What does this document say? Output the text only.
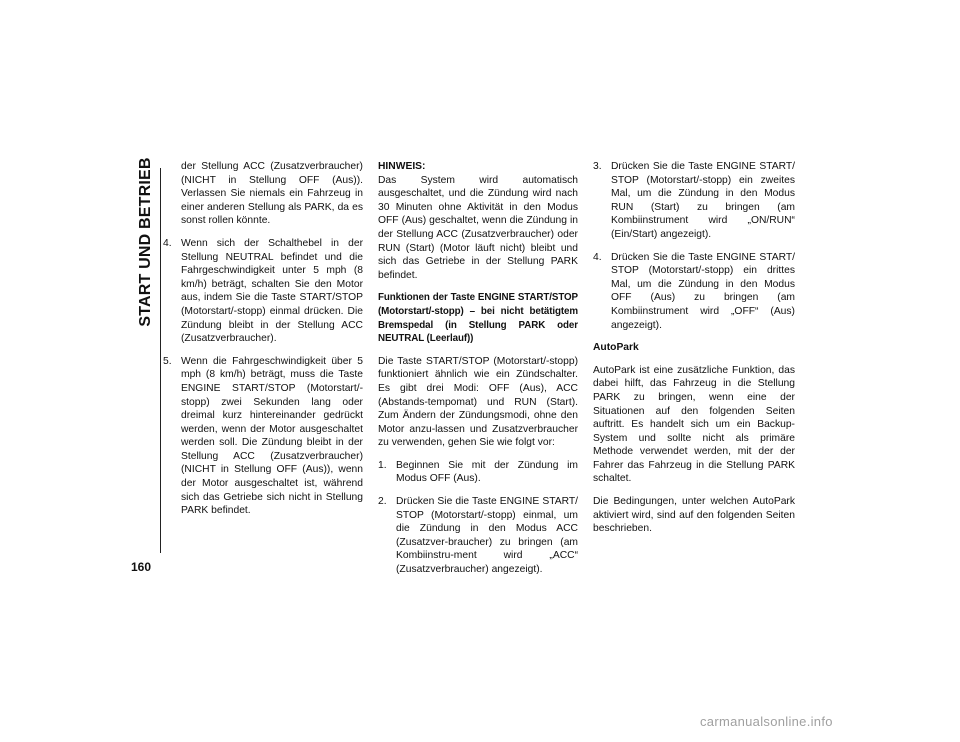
START UND BETRIEB
160

der Stellung ACC (Zusatzverbraucher) (NICHT in Stellung OFF (Aus)). Verlassen Sie niemals ein Fahrzeug in einer anderen Stellung als PARK, da es sonst rollen könnte.

4. Wenn sich der Schalthebel in der Stellung NEUTRAL befindet und die Fahrgeschwindigkeit unter 5 mph (8 km/h) beträgt, schalten Sie den Motor aus, indem Sie die Taste START/STOP (Motorstart/-stopp) einmal drücken. Die Zündung bleibt in der Stellung ACC (Zusatzverbraucher).
5. Wenn die Fahrgeschwindigkeit über 5 mph (8 km/h) beträgt, muss die Taste ENGINE START/STOP (Motorstart/-stopp) zwei Sekunden lang oder dreimal kurz hintereinander gedrückt werden, wenn der Motor ausgeschaltet werden soll. Die Zündung bleibt in der Stellung ACC (Zusatzverbraucher) (NICHT in Stellung OFF (Aus)), wenn der Motor ausgeschaltet ist, während sich das Getriebe sich nicht in Stellung PARK befindet.

HINWEIS:

Das System wird automatisch ausgeschaltet, und die Zündung wird nach 30 Minuten ohne Aktivität in den Modus OFF (Aus) geschaltet, wenn die Zündung in der Stellung ACC (Zusatzverbraucher) oder RUN (Start) (Motor läuft nicht) bleibt und sich das Getriebe in der Stellung PARK befindet.

Funktionen der Taste ENGINE START/STOP (Motorstart/-stopp) – bei nicht betätigtem Bremspedal (in Stellung PARK oder NEUTRAL (Leerlauf))

Die Taste START/STOP (Motorstart/-stopp) funktioniert ähnlich wie ein Zündschalter. Es gibt drei Modi: OFF (Aus), ACC (Abstands-tempomat) und RUN (Start). Zum Ändern der Zündungsmodi, ohne den Motor anzu-lassen und Zusatzverbraucher zu verwenden, gehen Sie wie folgt vor:

1. Beginnen Sie mit der Zündung im Modus OFF (Aus).
2. Drücken Sie die Taste ENGINE START/ STOP (Motorstart/-stopp) einmal, um die Zündung in den Modus ACC (Zusatzver-braucher) zu bringen (am Kombiinstru-ment wird „ACC“ (Zusatzverbraucher) angezeigt).
3. Drücken Sie die Taste ENGINE START/ STOP (Motorstart/-stopp) ein zweites Mal, um die Zündung in den Modus RUN (Start) zu bringen (am Kombiinstrument wird „ON/RUN“ (Ein/Start) angezeigt).
4. Drücken Sie die Taste ENGINE START/ STOP (Motorstart/-stopp) ein drittes Mal, um die Zündung in den Modus OFF (Aus) zu bringen (am Kombiinstrument wird „OFF“ (Aus) angezeigt).

AutoPark

AutoPark ist eine zusätzliche Funktion, das dabei hilft, das Fahrzeug in die Stellung PARK zu bringen, wenn eine der Situationen auf den folgenden Seiten auftritt. Es handelt sich um ein Backup-System und sollte nicht als primäre Methode verwendet werden, mit der der Fahrer das Fahrzeug in die Stellung PARK schaltet.

Die Bedingungen, unter welchen AutoPark aktiviert wird, sind auf den folgenden Seiten beschrieben.

carmanualsonline.info
